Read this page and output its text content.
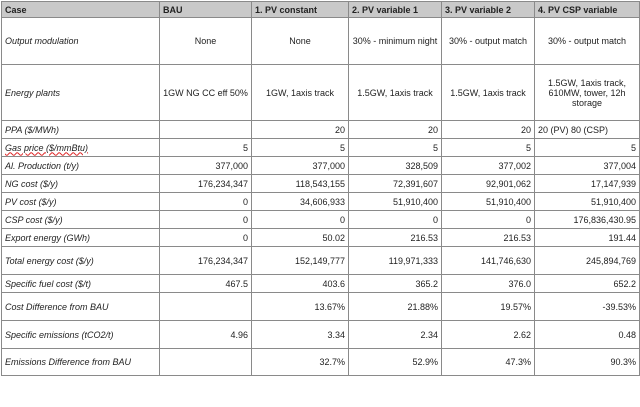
Case	BAU	1. PV constant	2. PV variable 1	3. PV variable 2	4. PV CSP variable
Output modulation	None	None	30% - minimum night	30% - output match	30% - output match
Energy plants	1GW NG CC eff 50%	1GW, 1axis track	1.5GW, 1axis track	1.5GW, 1axis track	1.5GW, 1axis track, 610MW, tower, 12h storage
PPA ($/MWh)		20	20	20	20 (PV) 80 (CSP)
Gas price ($/mmBtu)	5	5	5	5	5
Al. Production (t/y)	377,000	377,000	328,509	377,002	377,004
NG cost ($/y)	176,234,347	118,543,155	72,391,607	92,901,062	17,147,939
PV cost ($/y)	0	34,606,933	51,910,400	51,910,400	51,910,400
CSP cost ($/y)	0	0	0	0	176,836,430.95
Export energy (GWh)	0	50.02	216.53	216.53	191.44
Total energy cost ($/y)	176,234,347	152,149,777	119,971,333	141,746,630	245,894,769
Specific fuel cost ($/t)	467.5	403.6	365.2	376.0	652.2
Cost Difference from BAU		13.67%	21.88%	19.57%	-39.53%
Specific emissions (tCO2/t)	4.96	3.34	2.34	2.62	0.48
Emissions Difference from BAU		32.7%	52.9%	47.3%	90.3%
